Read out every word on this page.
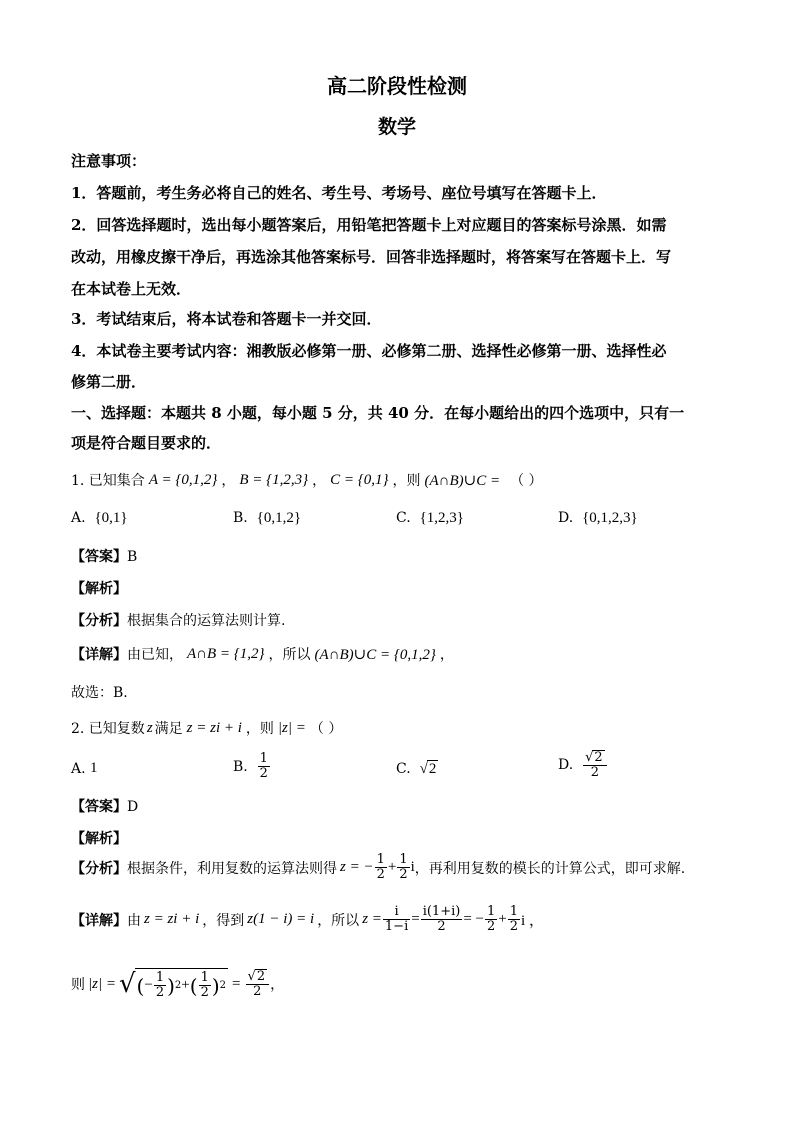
高二阶段性检测
数学
注意事项：
1．答题前，考生务必将自己的姓名、考生号、考场号、座位号填写在答题卡上．
2．回答选择题时，选出每小题答案后，用铅笔把答题卡上对应题目的答案标号涂黑．如需
改动，用橡皮擦干净后，再选涂其他答案标号．回答非选择题时，将答案写在答题卡上．写
在本试卷上无效．
3．考试结束后，将本试卷和答题卡一并交回．
4．本试卷主要考试内容：湘教版必修第一册、必修第二册、选择性必修第一册、选择性必
修第二册．
一、选择题：本题共 8 小题，每小题 5 分，共 40 分．在每小题给出的四个选项中，只有一
项是符合题目要求的．
1. 已知集合 A = {0,1,2} ， B = {1,2,3} ， C = {0,1} ，则 (A∩B)∪C = （ ）
A. {0,1}	B. {0,1,2}	C. {1,2,3}	D. {0,1,2,3}
【答案】B
【解析】
【分析】根据集合的运算法则计算.
【详解】 由已知， A∩B = {1,2} ，所以 (A∩B)∪C = {0,1,2} ，
故选：B.
2. 已知复数 z 满足 z = zi + i ，则 |z| = （ ）
A.
1	B.
$\frac{1}{2}$	C.
√2	D.
$\frac{√2}{2}$
【答案】D
【解析】
【分析】 根据条件，利用复数的运算法则得 z = − $\frac{1}{2} + \frac{1}{2}$ i ，再利用复数的模长的计算公式，即可求解.
【详解】 由 z = zi + i ，得到 z(1 − i) = i ，所以 $z = \frac{i}{1-i} = \frac{i(1+i)}{2}$ = − $\frac{1}{2} + \frac{1}{2}$ i ，
则 |z| = √ ( − $\frac{1}{2}$ ) 2 + ( $\frac{1}{2}$ ) $2 = \frac{√2}{2}$ ，
